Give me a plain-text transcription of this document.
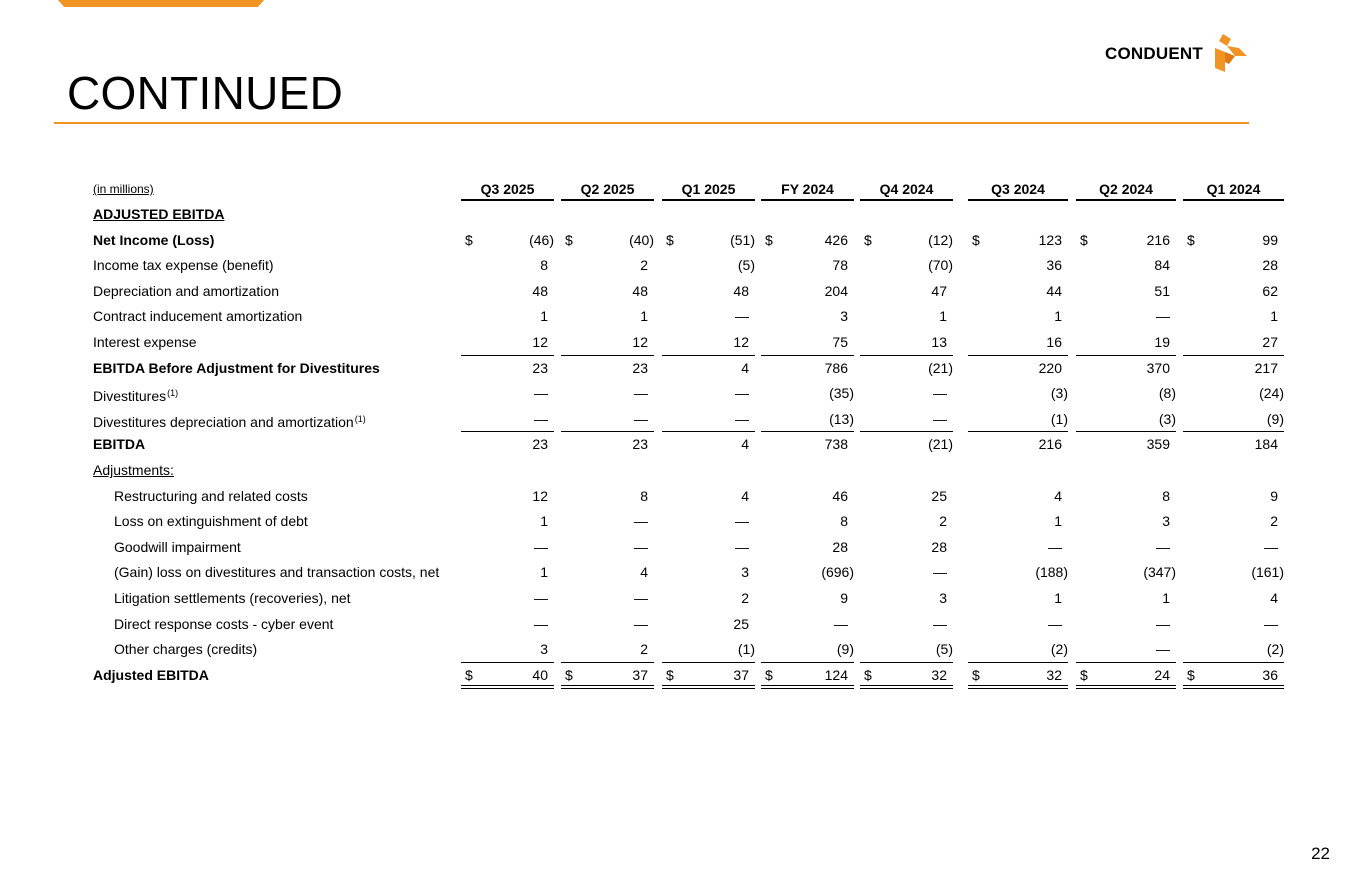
CONTINUED
CONDUENT
(in millions)	Q3 2025	Q2 2025	Q1 2025	FY 2024	Q4 2024	Q3 2024	Q2 2024	Q1 2024
ADJUSTED EBITDA
Net Income (Loss)	$	(46) $	(40) $	(51) $	426 $	(12) $	123 $	216 $	99
Income tax expense (benefit)	8	2	(5)	78	(70)	36	84	28
Depreciation and amortization	48	48	48	204	47	44	51	62
Contract inducement amortization	1	1	—	3	1	1	—	1
Interest expense	12	12	12	75	13	16	19	27
EBITDA Before Adjustment for Divestitures	23	23	4	786	(21)	220	370	217
Divestitures$^{(1)}$	—	—	—	(35)	—	(3)	(8)	(24)
Divestitures depreciation and amortization$^{(1)}$	—	—	—	(13)	—	(1)	(3)	(9)
EBITDA	23	23	4	738	(21)	216	359	184
Adjustments:
Restructuring and related costs	12	8	4	46	25	4	8	9
Loss on extinguishment of debt	1	—	—	8	2	1	3	2
Goodwill impairment	—	—	—	28	28	—	—	—
(Gain) loss on divestitures and transaction costs, net	1	4	3	(696)	—	(188)	(347)	(161)
Litigation settlements (recoveries), net	—	—	2	9	3	1	1	4
Direct response costs - cyber event	—	—	25	—	—	—	—	—
Other charges (credits)	3	2	(1)	(9)	(5)	(2)	—	(2)
Adjusted EBITDA	$	40 $	37 $	37 $	124 $	32 $	32 $	24 $	36
22
